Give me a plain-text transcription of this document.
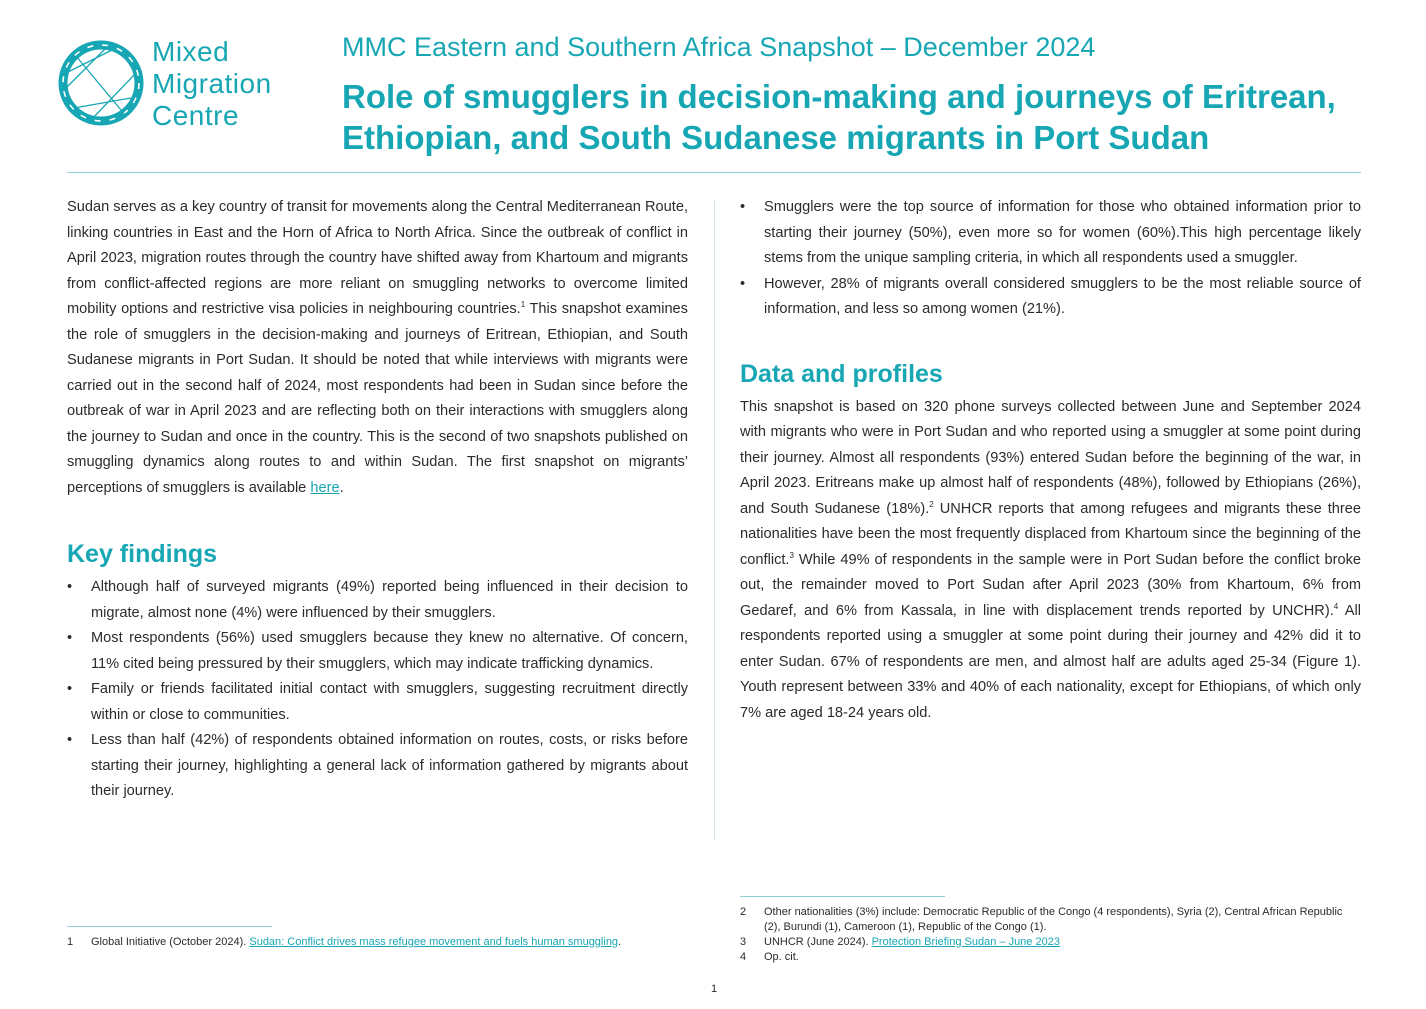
Mixed
Migration
Centre
MMC Eastern and Southern Africa Snapshot – December 2024
Role of smugglers in decision-making and journeys of Eritrean, Ethiopian, and South Sudanese migrants in Port Sudan

Sudan serves as a key country of transit for movements along the Central Mediterranean Route, linking countries in East and the Horn of Africa to North Africa. Since the outbreak of conflict in April 2023, migration routes through the country have shifted away from Khartoum and migrants from conflict-affected regions are more reliant on smuggling networks to overcome limited mobility options and restrictive visa policies in neighbouring countries.$^1$ This snapshot examines the role of smugglers in the decision-making and journeys of Eritrean, Ethiopian, and South Sudanese migrants in Port Sudan. It should be noted that while interviews with migrants were carried out in the second half of 2024, most respondents had been in Sudan since before the outbreak of war in April 2023 and are reflecting both on their interactions with smugglers along the journey to Sudan and once in the country. This is the second of two snapshots published on smuggling dynamics along routes to and within Sudan. The first snapshot on migrants’ perceptions of smugglers is available here.

Key findings
• Although half of surveyed migrants (49%) reported being influenced in their decision to migrate, almost none (4%) were influenced by their smugglers.
• Most respondents (56%) used smugglers because they knew no alternative. Of concern, 11% cited being pressured by their smugglers, which may indicate trafficking dynamics.
• Family or friends facilitated initial contact with smugglers, suggesting recruitment directly within or close to communities.
• Less than half (42%) of respondents obtained information on routes, costs, or risks before starting their journey, highlighting a general lack of information gathered by migrants about their journey.
• Smugglers were the top source of information for those who obtained information prior to starting their journey (50%), even more so for women (60%).This high percentage likely stems from the unique sampling criteria, in which all respondents used a smuggler.
• However, 28% of migrants overall considered smugglers to be the most reliable source of information, and less so among women (21%).
Data and profiles

This snapshot is based on 320 phone surveys collected between June and September 2024 with migrants who were in Port Sudan and who reported using a smuggler at some point during their journey. Almost all respondents (93%) entered Sudan before the beginning of the war, in April 2023. Eritreans make up almost half of respondents (48%), followed by Ethiopians (26%), and South Sudanese (18%).$^2$ UNHCR reports that among refugees and migrants these three nationalities have been the most frequently displaced from Khartoum since the beginning of the conflict.$^3$ While 49% of respondents in the sample were in Port Sudan before the conflict broke out, the remainder moved to Port Sudan after April 2023 (30% from Khartoum, 6% from Gedaref, and 6% from Kassala, in line with displacement trends reported by UNCHR).$^4$ All respondents reported using a smuggler at some point during their journey and 42% did it to enter Sudan. 67% of respondents are men, and almost half are adults aged 25-34 (Figure 1). Youth represent between 33% and 40% of each nationality, except for Ethiopians, of which only 7% are aged 18-24 years old.

1 Global Initiative (October 2024). Sudan: Conflict drives mass refugee movement and fuels human smuggling.
2 Other nationalities (3%) include: Democratic Republic of the Congo (4 respondents), Syria (2), Central African Republic (2), Burundi (1), Cameroon (1), Republic of the Congo (1).
3 UNHCR (June 2024). Protection Briefing Sudan – June 2023
4 Op. cit.
1
